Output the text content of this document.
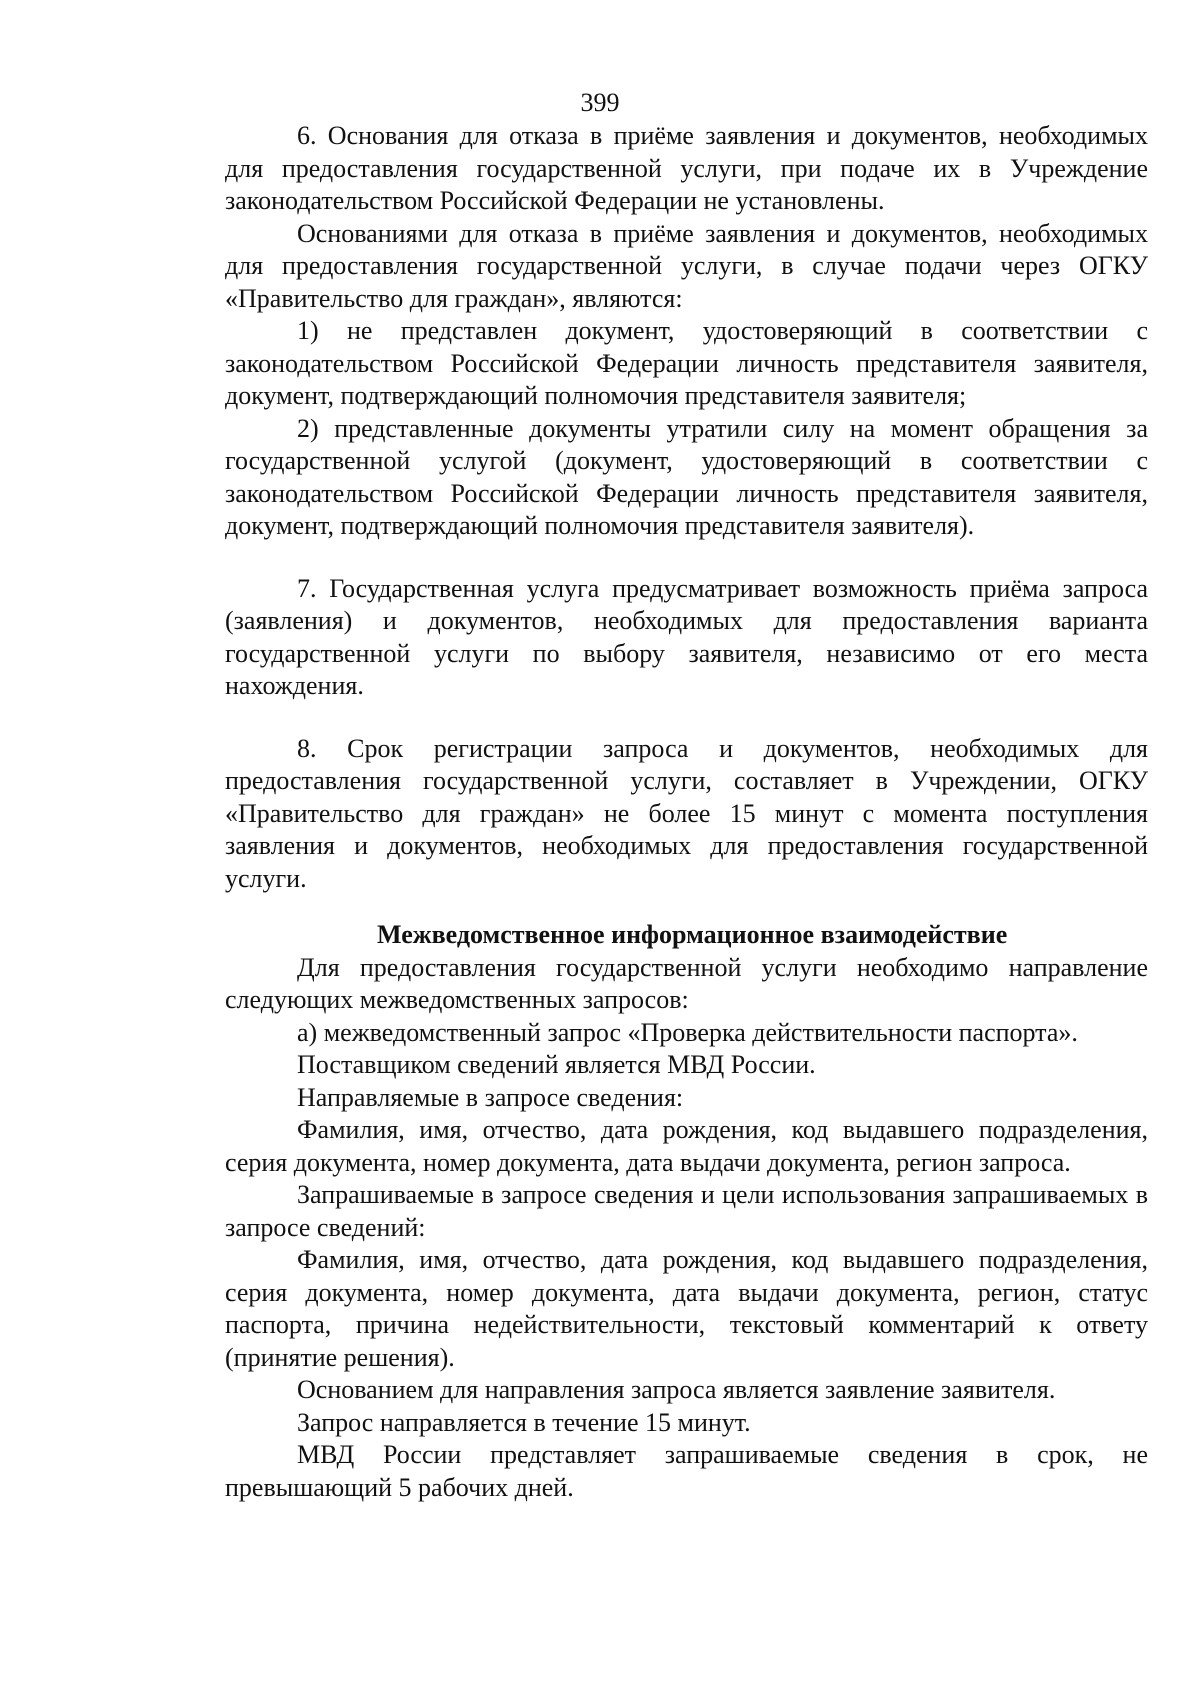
399

6. Основания для отказа в приёме заявления и документов, необходимых для предоставления государственной услуги, при подаче их в Учреждение законодательством Российской Федерации не установлены.

Основаниями для отказа в приёме заявления и документов, необходимых для предоставления государственной услуги, в случае подачи через ОГКУ «Правительство для граждан», являются:

1) не представлен документ, удостоверяющий в соответствии с законодательством Российской Федерации личность представителя заявителя, документ, подтверждающий полномочия представителя заявителя;

2) представленные документы утратили силу на момент обращения за государственной услугой (документ, удостоверяющий в соответствии с законодательством Российской Федерации личность представителя заявителя, документ, подтверждающий полномочия представителя заявителя).

7. Государственная услуга предусматривает возможность приёма запроса (заявления) и документов, необходимых для предоставления варианта государственной услуги по выбору заявителя, независимо от его места нахождения.

8. Срок регистрации запроса и документов, необходимых для предоставления государственной услуги, составляет в Учреждении, ОГКУ «Правительство для граждан» не более 15 минут с момента поступления заявления и документов, необходимых для предоставления государственной услуги.

Межведомственное информационное взаимодействие

Для предоставления государственной услуги необходимо направление следующих межведомственных запросов:

а) межведомственный запрос «Проверка действительности паспорта».

Поставщиком сведений является МВД России.

Направляемые в запросе сведения:

Фамилия, имя, отчество, дата рождения, код выдавшего подразделения, серия документа, номер документа, дата выдачи документа, регион запроса.

Запрашиваемые в запросе сведения и цели использования запрашиваемых в запросе сведений:

Фамилия, имя, отчество, дата рождения, код выдавшего подразделения, серия документа, номер документа, дата выдачи документа, регион, статус паспорта, причина недействительности, текстовый комментарий к ответу (принятие решения).

Основанием для направления запроса является заявление заявителя.

Запрос направляется в течение 15 минут.

МВД России представляет запрашиваемые сведения в срок, не превышающий 5 рабочих дней.
